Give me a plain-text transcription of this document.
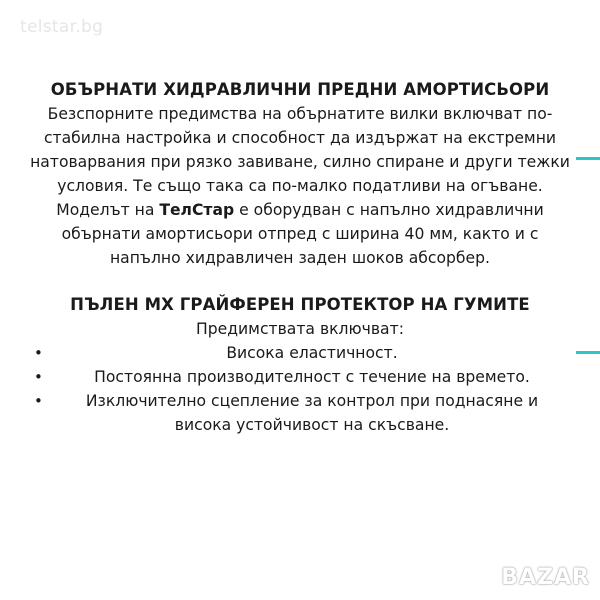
telstar.bg

ОБЪРНАТИ ХИДРАВЛИЧНИ ПРЕДНИ АМОРТИСЬОРИ

Безспорните предимства на обърнатите вилки включват по-стабилна настройка и способност да издържат на екстремни натоварвания при рязко завиване, силно спиране и други тежки условия. Те също така са по-малко податливи на огъване.

Моделът на ТелСтар е оборудван с напълно хидравлични обърнати амортисьори отпред с ширина 40 мм, както и с напълно хидравличен заден шоков абсорбер.

ПЪЛЕН MX ГРАЙФЕРЕН ПРОТЕКТОР НА ГУМИТЕ

Предимствата включват:

•	Висока еластичност.
•	Постоянна производителност с течение на времето.
•	Изключително сцепление за контрол при поднасяне и висока устойчивост на скъсване.
BAZAR
